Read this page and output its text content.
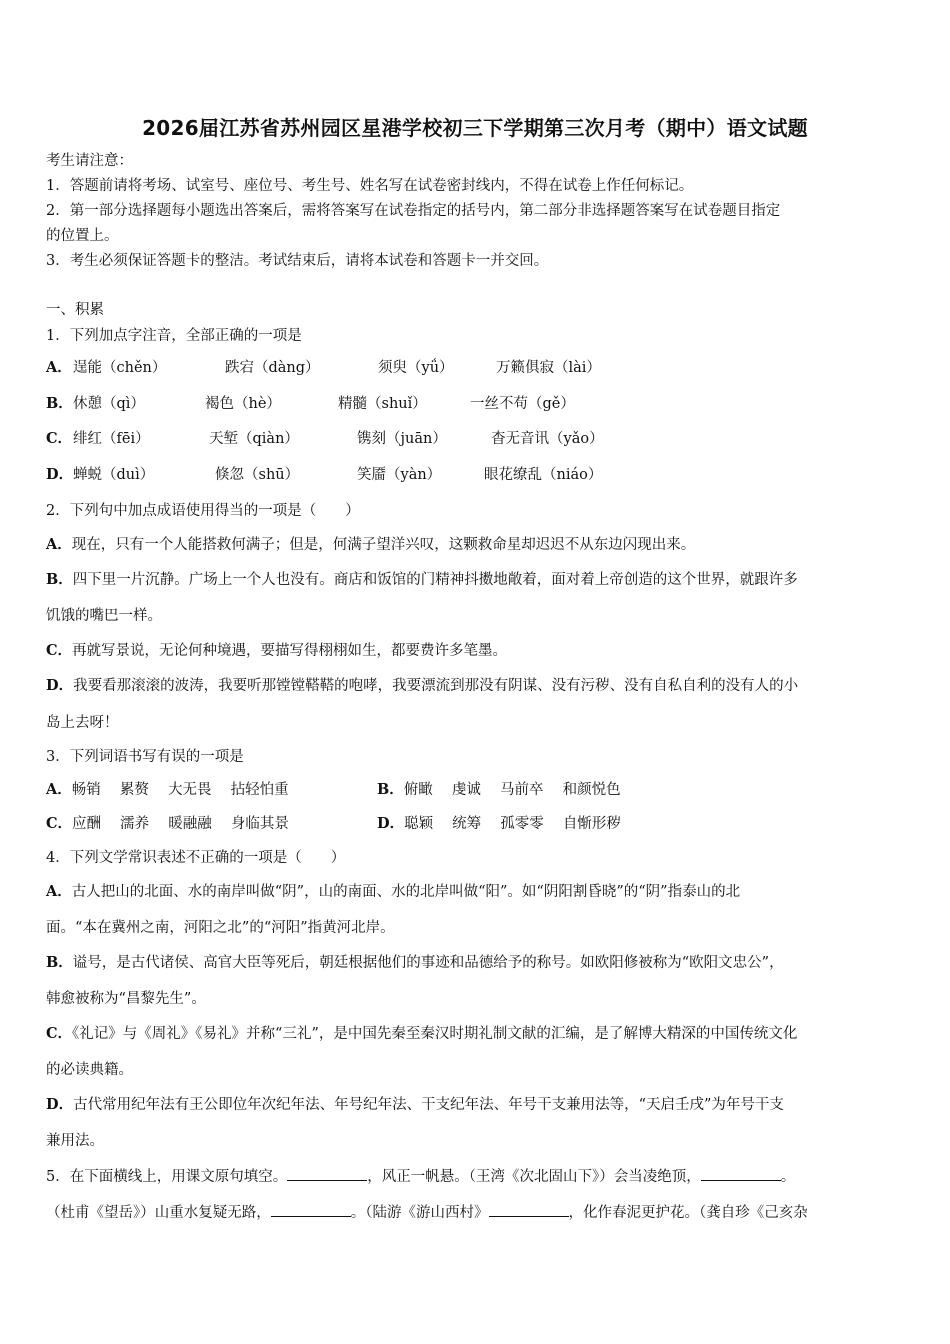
2026届江苏省苏州园区星港学校初三下学期第三次月考（期中）语文试题
考生请注意：
1．答题前请将考场、试室号、座位号、考生号、姓名写在试卷密封线内，不得在试卷上作任何标记。
2．第一部分选择题每小题选出答案后，需将答案写在试卷指定的括号内，第二部分非选择题答案写在试卷题目指定
的位置上。
3．考生必须保证答题卡的整洁。考试结束后，请将本试卷和答题卡一并交回。
一、积累
1．下列加点字注音，全部正确的一项是
A． 逞能（chěn）	跌宕（dàng）	须臾（yǘ）	万籁俱寂（lài）
B． 休憩（qì）	褐色（hè）	精髓（shuǐ）	一丝不苟（gě）
C． 绯红（fēi）	天堑（qiàn）	镌刻（juān）	杳无音讯（yǎo）
D． 蝉蜕（duì）	倏忽（shū）	笑靥（yàn）	眼花缭乱（niáo）
2．下列句中加点成语使用得当的一项是（　　）
A．现在，只有一个人能搭救何满子；但是，何满子望洋兴叹，这颗救命星却迟迟不从东边闪现出来。
B．四下里一片沉静。广场上一个人也没有。商店和饭馆的门精神抖擞地敞着，面对着上帝创造的这个世界，就跟许多
饥饿的嘴巴一样。
C．再就写景说，无论何种境遇，要描写得栩栩如生，都要费许多笔墨。
D．我要看那滚滚的波涛，我要听那镗镗鞳鞳的咆哮，我要漂流到那没有阴谋、没有污秽、没有自私自利的没有人的小
岛上去呀！
3．下列词语书写有误的一项是
A．畅销　 累赘　 大无畏　 拈轻怕重	B．俯瞰　 虔诚　 马前卒　 和颜悦色
C．应酬　 濡养　 暖融融　 身临其景	D．聪颖　 统筹　 孤零零　 自惭形秽
4．下列文学常识表述不正确的一项是（　　）
A．古人把山的北面、水的南岸叫做“阴”，山的南面、水的北岸叫做“阳”。如“阴阳割昏晓”的“阴”指泰山的北
面。“本在冀州之南，河阳之北”的“河阳”指黄河北岸。
B．谥号，是古代诸侯、高官大臣等死后，朝廷根据他们的事迹和品德给予的称号。如欧阳修被称为“欧阳文忠公”，
韩愈被称为“昌黎先生”。
C．《礼记》与《周礼》《易礼》并称“三礼”，是中国先秦至秦汉时期礼制文献的汇编，是了解博大精深的中国传统文化
的必读典籍。
D．古代常用纪年法有王公即位年次纪年法、年号纪年法、干支纪年法、年号干支兼用法等，“天启壬戌”为年号干支
兼用法。
5．在下面横线上，用课文原句填空。	，风正一帆悬。（王湾《次北固山下》）会当凌绝顶，	。
（杜甫《望岳》）山重水复疑无路，	。（陆游《游山西村》	，化作春泥更护花。（龚自珍《己亥杂
